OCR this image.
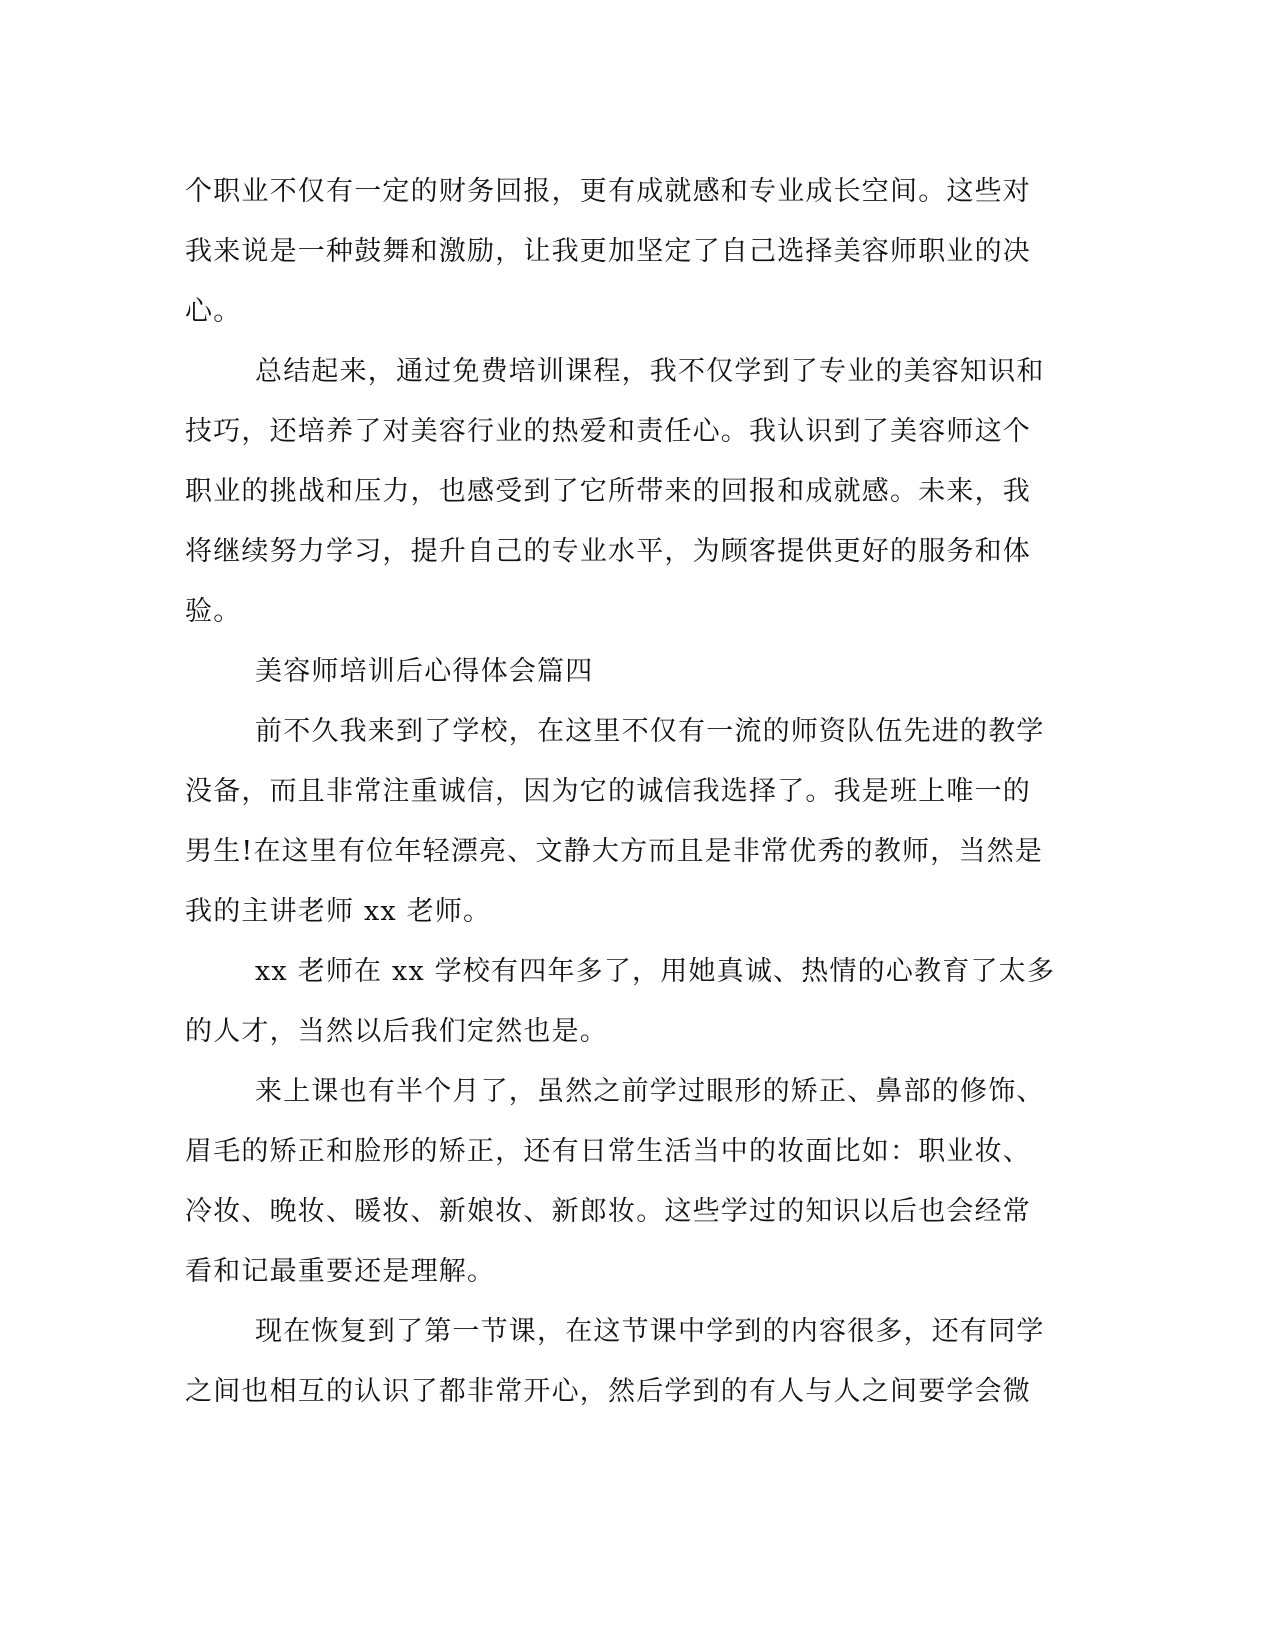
个职业不仅有一定的财务回报，更有成就感和专业成长空间。这些对
我来说是一种鼓舞和激励，让我更加坚定了自己选择美容师职业的决
心。

总结起来，通过免费培训课程，我不仅学到了专业的美容知识和
技巧，还培养了对美容行业的热爱和责任心。我认识到了美容师这个
职业的挑战和压力，也感受到了它所带来的回报和成就感。未来，我
将继续努力学习，提升自己的专业水平，为顾客提供更好的服务和体
验。

美容师培训后心得体会篇四

前不久我来到了学校，在这里不仅有一流的师资队伍先进的教学
没备，而且非常注重诚信，因为它的诚信我选择了。我是班上唯一的
男生!在这里有位年轻漂亮、文静大方而且是非常优秀的教师，当然是
我的主讲老师 xx 老师。

xx 老师在 xx 学校有四年多了，用她真诚、热情的心教育了太多
的人才，当然以后我们定然也是。

来上课也有半个月了，虽然之前学过眼形的矫正、鼻部的修饰、
眉毛的矫正和脸形的矫正，还有日常生活当中的妆面比如：职业妆、
冷妆、晚妆、暖妆、新娘妆、新郎妆。这些学过的知识以后也会经常
看和记最重要还是理解。

现在恢复到了第一节课，在这节课中学到的内容很多，还有同学
之间也相互的认识了都非常开心，然后学到的有人与人之间要学会微
